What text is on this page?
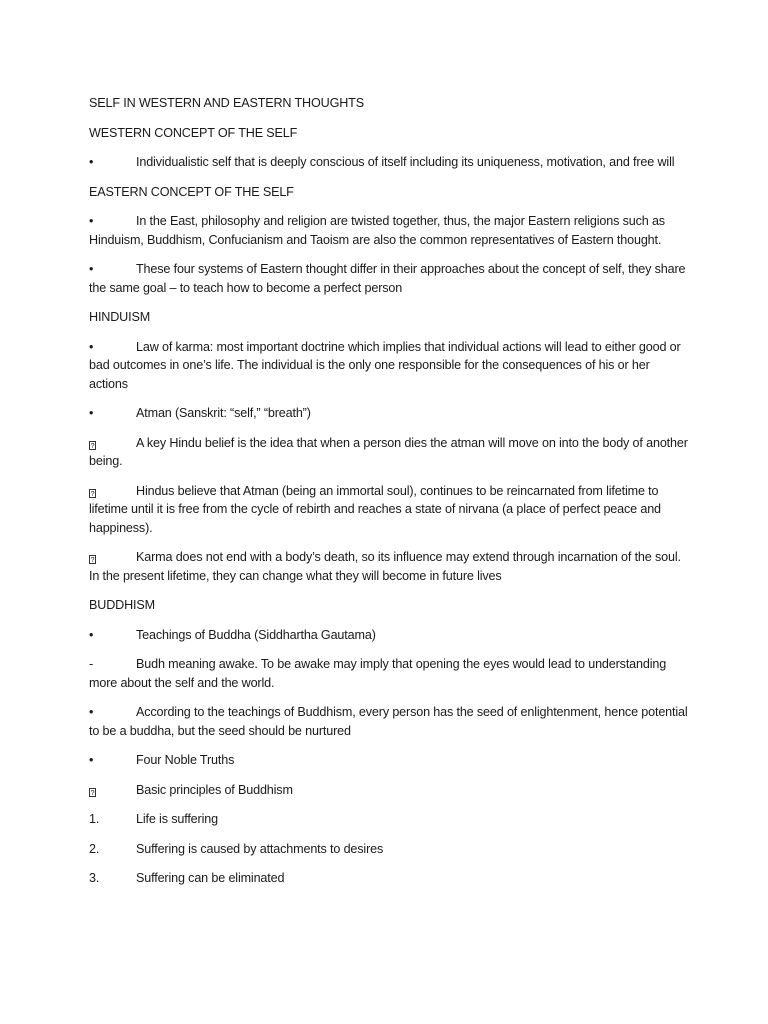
SELF IN WESTERN AND EASTERN THOUGHTS

WESTERN CONCEPT OF THE SELF

•	Individualistic self that is deeply conscious of itself including its uniqueness, motivation, and free will

EASTERN CONCEPT OF THE SELF

•	In the East, philosophy and religion are twisted together, thus, the major Eastern religions such as Hinduism, Buddhism, Confucianism and Taoism are also the common representatives of Eastern thought.

•	These four systems of Eastern thought differ in their approaches about the concept of self, they share the same goal – to teach how to become a perfect person

HINDUISM

•	Law of karma: most important doctrine which implies that individual actions will lead to either good or bad outcomes in one’s life. The individual is the only one responsible for the consequences of his or her actions

•	Atman (Sanskrit: “self,” “breath”)

?	A key Hindu belief is the idea that when a person dies the atman will move on into the body of another being.

?	Hindus believe that Atman (being an immortal soul), continues to be reincarnated from lifetime to lifetime until it is free from the cycle of rebirth and reaches a state of nirvana (a place of perfect peace and happiness).

?	Karma does not end with a body’s death, so its influence may extend through incarnation of the soul. In the present lifetime, they can change what they will become in future lives

BUDDHISM

•	Teachings of Buddha (Siddhartha Gautama)

-	Budh meaning awake. To be awake may imply that opening the eyes would lead to understanding more about the self and the world.

•	According to the teachings of Buddhism, every person has the seed of enlightenment, hence potential to be a buddha, but the seed should be nurtured

•	Four Noble Truths

?	Basic principles of Buddhism

1.	Life is suffering

2.	Suffering is caused by attachments to desires

3.	Suffering can be eliminated
